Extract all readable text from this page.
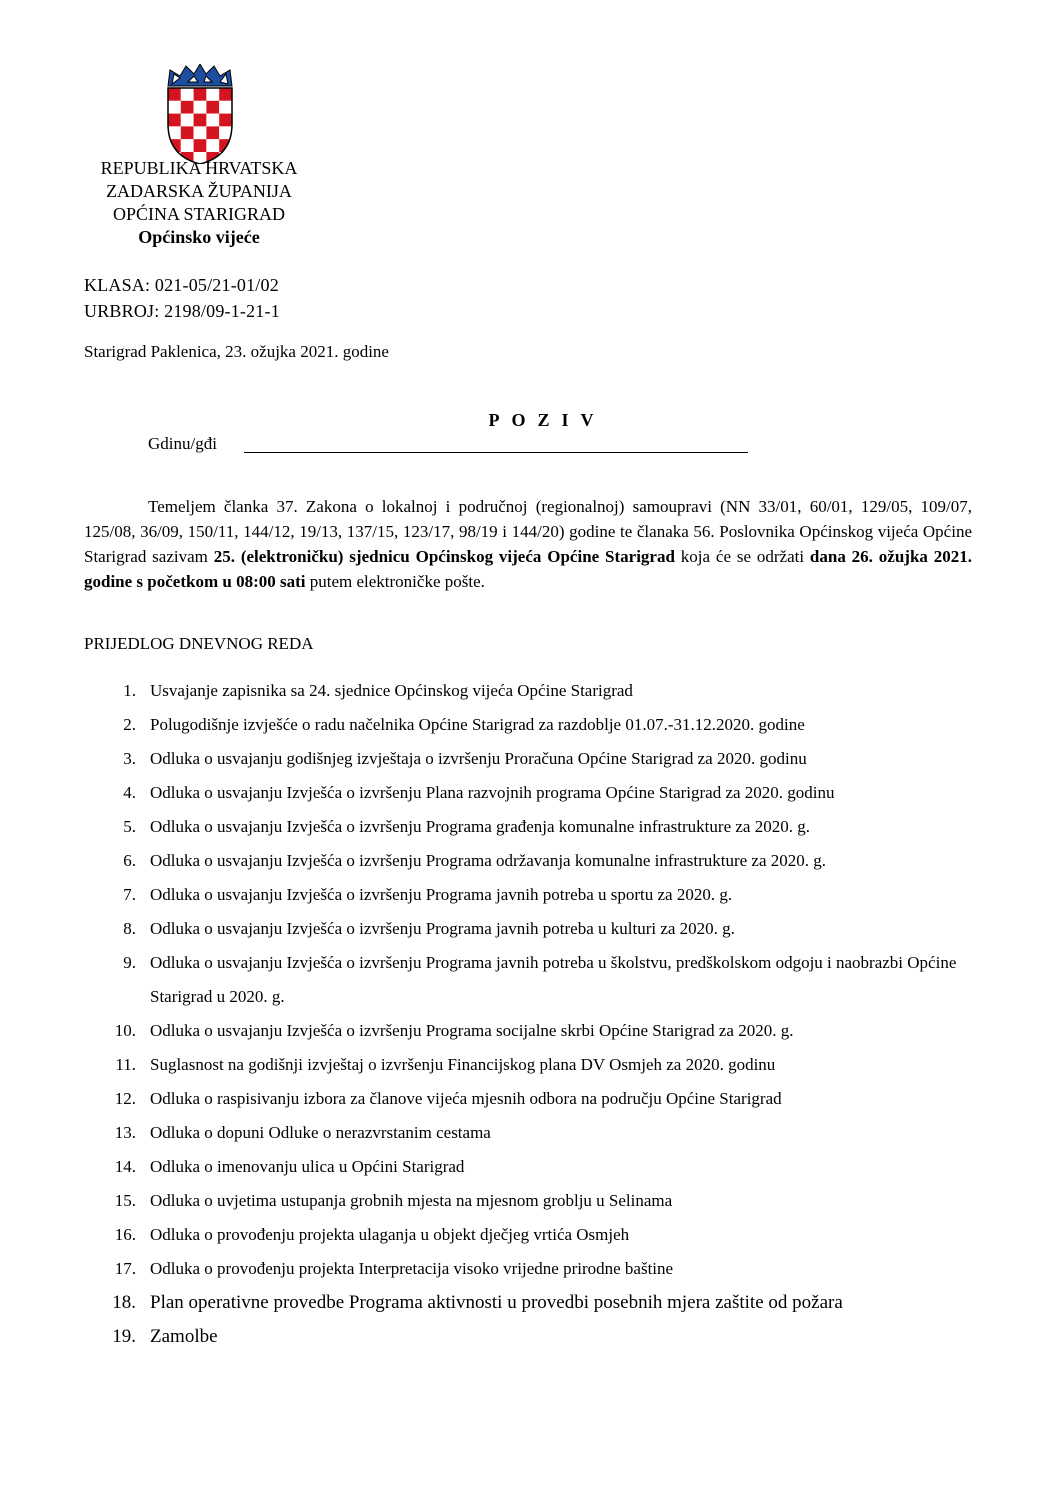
REPUBLIKA HRVATSKA
ZADARSKA ŽUPANIJA
OPĆINA STARIGRAD
Općinsko vijeće
KLASA: 021-05/21-01/02
URBROJ: 2198/09-1-21-1
Starigrad Paklenica, 23. ožujka 2021. godine
POZIV
Gdinu/gđi

Temeljem članka 37. Zakona o lokalnoj i područnoj (regionalnoj) samoupravi (NN 33/01, 60/01, 129/05, 109/07, 125/08, 36/09, 150/11, 144/12, 19/13, 137/15, 123/17, 98/19 i 144/20) godine te članaka 56. Poslovnika Općinskog vijeća Općine Starigrad sazivam 25. (elektroničku) sjednicu Općinskog vijeća Općine Starigrad koja će se održati dana 26. ožujka 2021. godine s početkom u 08:00 sati putem elektroničke pošte.

PRIJEDLOG DNEVNOG REDA
1. Usvajanje zapisnika sa 24. sjednice Općinskog vijeća Općine Starigrad
2. Polugodišnje izvješće o radu načelnika Općine Starigrad za razdoblje 01.07.-31.12.2020. godine
3. Odluka o usvajanju godišnjeg izvještaja o izvršenju Proračuna Općine Starigrad za 2020. godinu
4. Odluka o usvajanju Izvješća o izvršenju Plana razvojnih programa Općine Starigrad za 2020. godinu
5. Odluka o usvajanju Izvješća o izvršenju Programa građenja komunalne infrastrukture za 2020. g.
6. Odluka o usvajanju Izvješća o izvršenju Programa održavanja komunalne infrastrukture za 2020. g.
7. Odluka o usvajanju Izvješća o izvršenju Programa javnih potreba u sportu za 2020. g.
8. Odluka o usvajanju Izvješća o izvršenju Programa javnih potreba u kulturi za 2020. g.
9. Odluka o usvajanju Izvješća o izvršenju Programa javnih potreba u školstvu, predškolskom odgoju i naobrazbi Općine Starigrad u 2020. g.
10. Odluka o usvajanju Izvješća o izvršenju Programa socijalne skrbi Općine Starigrad za 2020. g.
11. Suglasnost na godišnji izvještaj o izvršenju Financijskog plana DV Osmjeh za 2020. godinu
12. Odluka o raspisivanju izbora za članove vijeća mjesnih odbora na području Općine Starigrad
13. Odluka o dopuni Odluke o nerazvrstanim cestama
14. Odluka o imenovanju ulica u Općini Starigrad
15. Odluka o uvjetima ustupanja grobnih mjesta na mjesnom groblju u Selinama
16. Odluka o provođenju projekta ulaganja u objekt dječjeg vrtića Osmjeh
17. Odluka o provođenju projekta Interpretacija visoko vrijedne prirodne baštine
18. Plan operativne provedbe Programa aktivnosti u provedbi posebnih mjera zaštite od požara
19. Zamolbe
